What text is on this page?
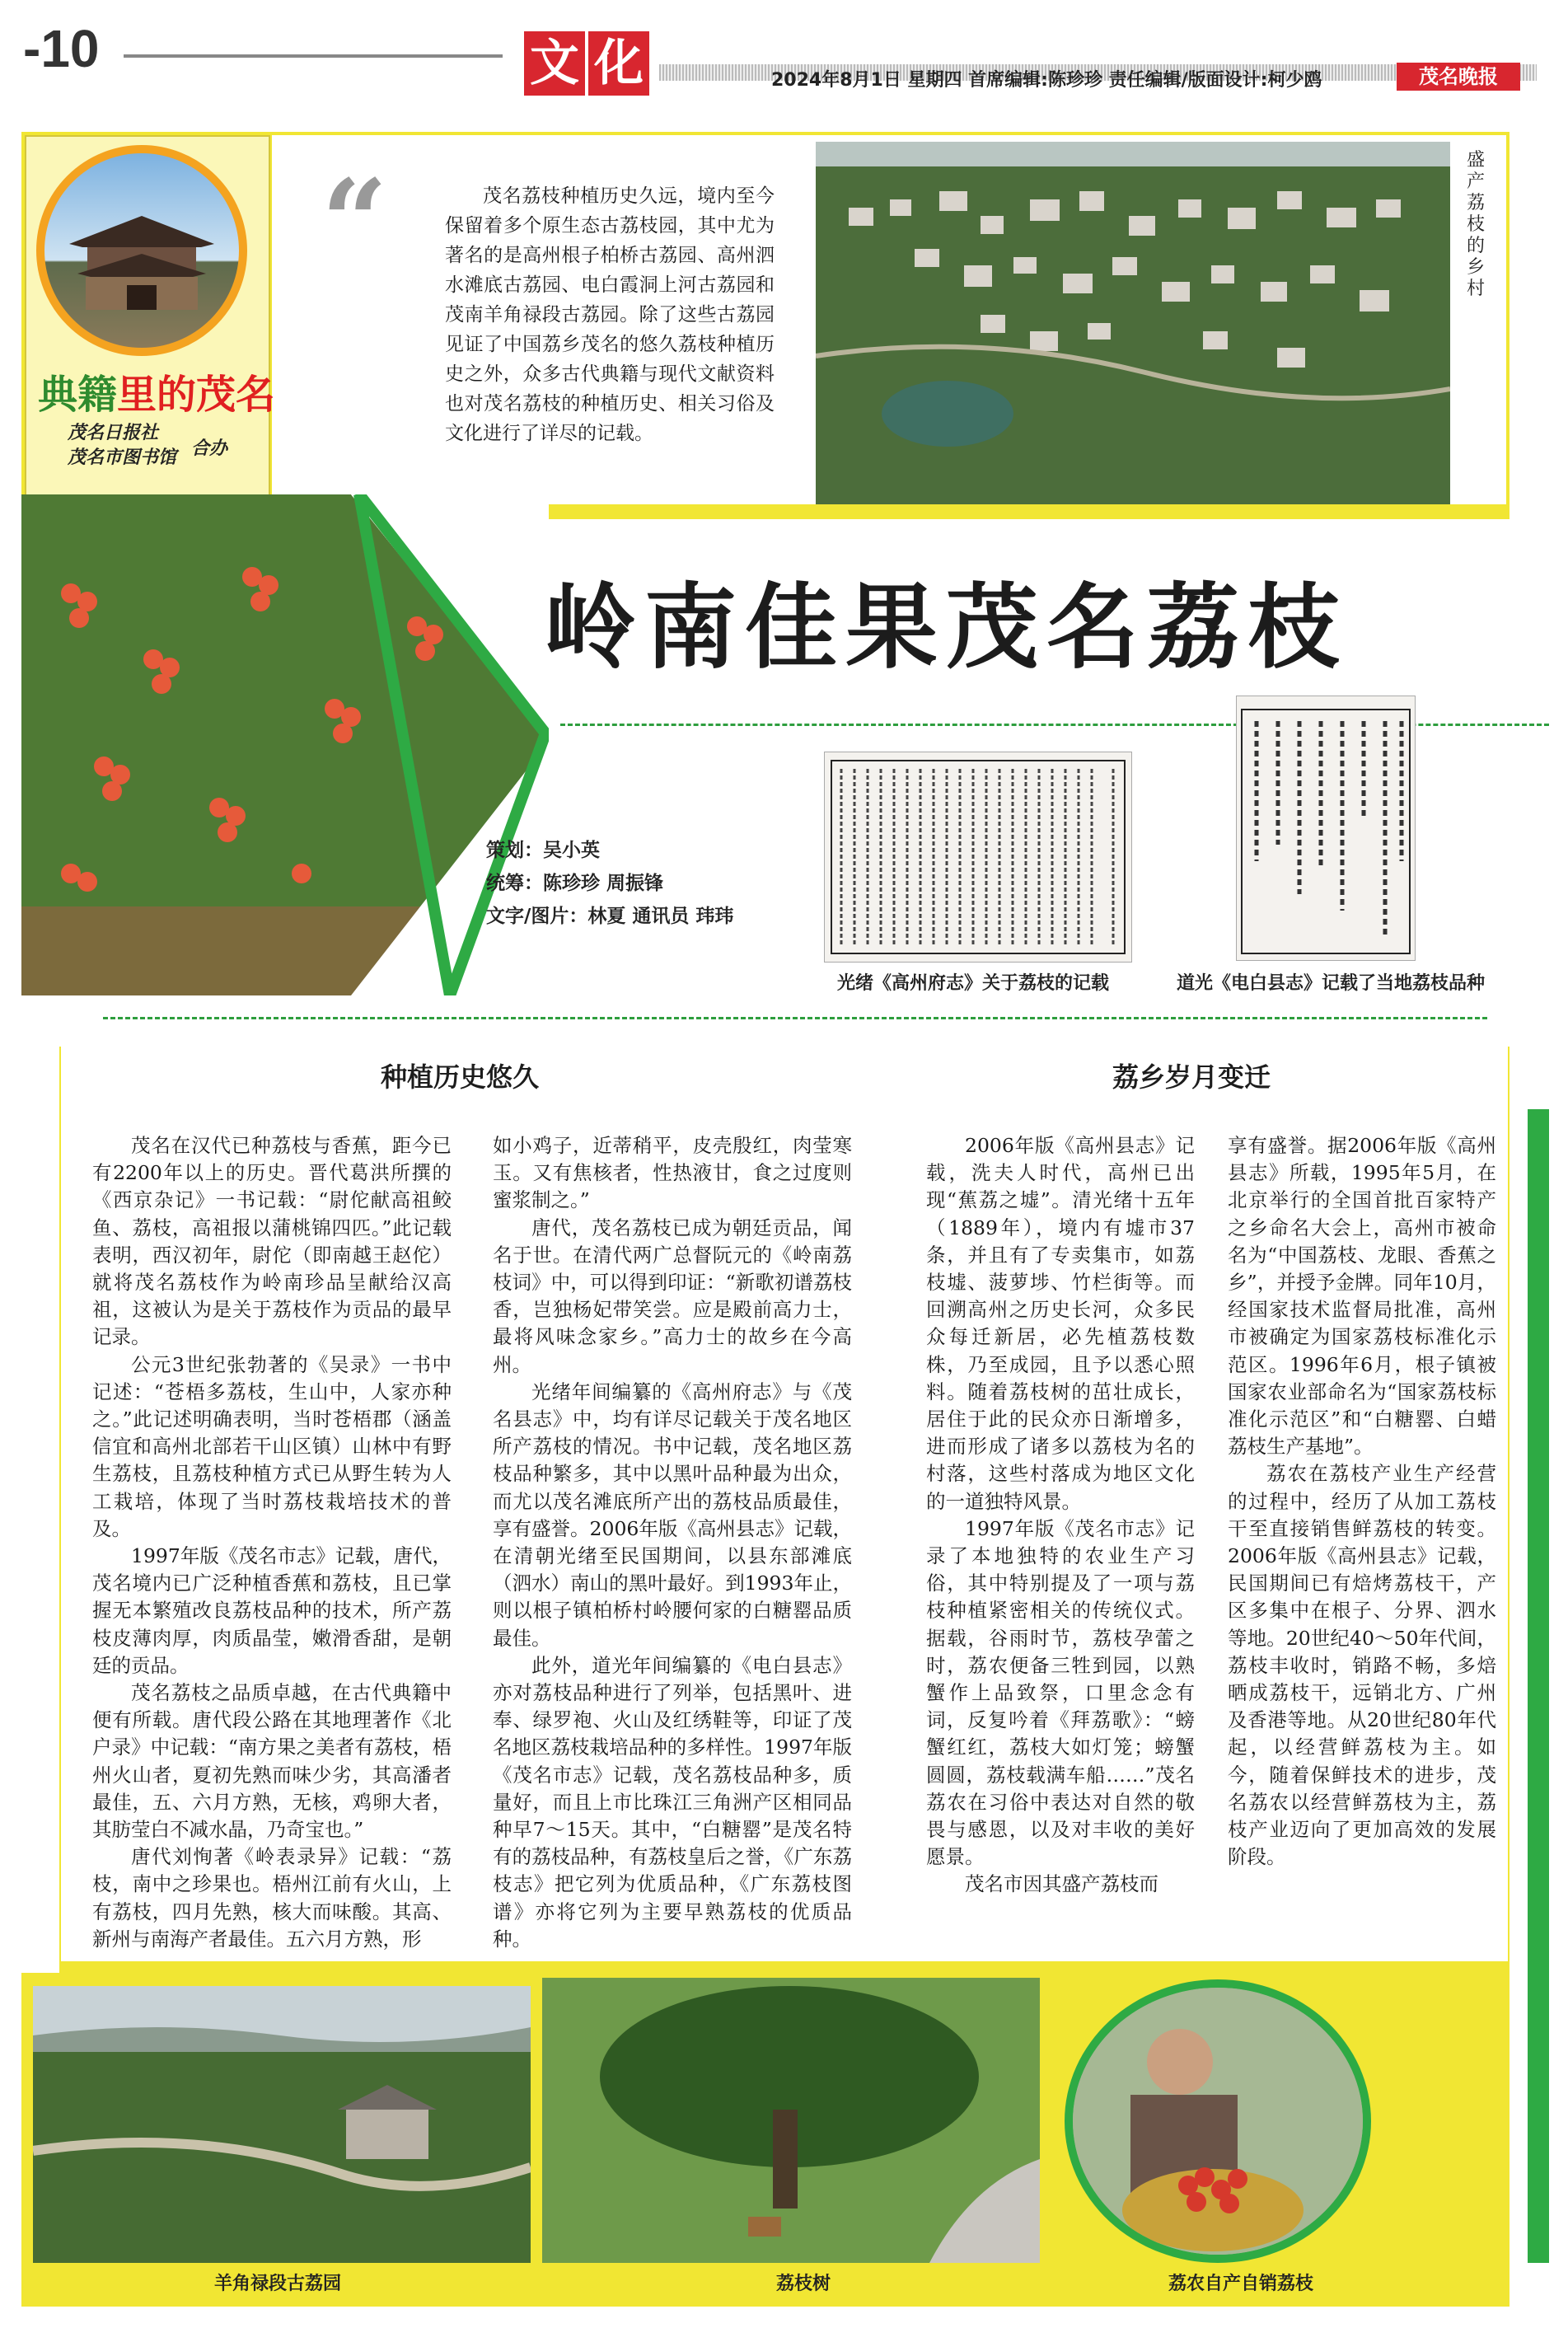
-10	文 化	2024年8月1日 星期四 首席编辑:陈珍珍 责任编辑/版面设计:柯少鸥	茂名晚报
典籍里的茂名
茂名日报社
茂名市图书馆 合办
“	茂名荔枝种植历史久远，境内至今保留着多个原生态古荔枝园，其中尤为著名的是高州根子柏桥古荔园、高州泗水滩底古荔园、电白霞洞上河古荔园和茂南羊角禄段古荔园。除了这些古荔园见证了中国荔乡茂名的悠久荔枝种植历史之外，众多古代典籍与现代文献资料也对茂名荔枝的种植历史、相关习俗及文化进行了详尽的记载。
盛产荔枝的乡村
岭南佳果茂名荔枝
策划：吴小英
统筹：陈珍珍 周振锋
文字/图片：林夏 通讯员 玮玮
光绪《高州府志》关于荔枝的记载	道光《电白县志》记载了当地荔枝品种
种植历史悠久	荔乡岁月变迁

茂名在汉代已种荔枝与香蕉，距今已有2200年以上的历史。晋代葛洪所撰的《西京杂记》一书记载：“尉佗献高祖鲛鱼、荔枝，高祖报以蒲桃锦四匹。”此记载表明，西汉初年，尉佗（即南越王赵佗）就将茂名荔枝作为岭南珍品呈献给汉高祖，这被认为是关于荔枝作为贡品的最早记录。

公元3世纪张勃著的《吴录》一书中记述：“苍梧多荔枝，生山中，人家亦种之。”此记述明确表明，当时苍梧郡（涵盖信宜和高州北部若干山区镇）山林中有野生荔枝，且荔枝种植方式已从野生转为人工栽培，体现了当时荔枝栽培技术的普及。

1997年版《茂名市志》记载，唐代，茂名境内已广泛种植香蕉和荔枝，且已掌握无本繁殖改良荔枝品种的技术，所产荔枝皮薄肉厚，肉质晶莹，嫩滑香甜，是朝廷的贡品。

茂名荔枝之品质卓越，在古代典籍中便有所载。唐代段公路在其地理著作《北户录》中记载：“南方果之美者有荔枝，梧州火山者，夏初先熟而味少劣，其高潘者最佳，五、六月方熟，无核，鸡卵大者，其肪莹白不减水晶，乃奇宝也。”

唐代刘恂著《岭表录异》记载：“荔枝，南中之珍果也。梧州江前有火山，上有荔枝，四月先熟，核大而味酸。其高、新州与南海产者最佳。五六月方熟，形

如小鸡子，近蒂稍平，皮壳殷红，肉莹寒玉。又有焦核者，性热液甘，食之过度则蜜浆制之。”

唐代，茂名荔枝已成为朝廷贡品，闻名于世。在清代两广总督阮元的《岭南荔枝词》中，可以得到印证：“新歌初谱荔枝香，岂独杨妃带笑尝。应是殿前高力士，最将风味念家乡。”高力士的故乡在今高州。

光绪年间编纂的《高州府志》与《茂名县志》中，均有详尽记载关于茂名地区所产荔枝的情况。书中记载，茂名地区荔枝品种繁多，其中以黑叶品种最为出众，而尤以茂名滩底所产出的荔枝品质最佳，享有盛誉。2006年版《高州县志》记载，在清朝光绪至民国期间，以县东部滩底（泗水）南山的黑叶最好。到1993年止，则以根子镇柏桥村岭腰何家的白糖罂品质最佳。

此外，道光年间编纂的《电白县志》亦对荔枝品种进行了列举，包括黑叶、进奉、绿罗袍、火山及红绣鞋等，印证了茂名地区荔枝栽培品种的多样性。1997年版《茂名市志》记载，茂名荔枝品种多，质量好，而且上市比珠江三角洲产区相同品种早7～15天。其中，“白糖罂”是茂名特有的荔枝品种，有荔枝皇后之誉，《广东荔枝志》把它列为优质品种，《广东荔枝图谱》亦将它列为主要早熟荔枝的优质品种。

2006年版《高州县志》记载，洗夫人时代，高州已出现“蕉荔之墟”。清光绪十五年（1889年），境内有墟市37条，并且有了专卖集市，如荔枝墟、菠萝埗、竹栏街等。而回溯高州之历史长河，众多民众每迁新居，必先植荔枝数株，乃至成园，且予以悉心照料。随着荔枝树的茁壮成长，居住于此的民众亦日渐增多，进而形成了诸多以荔枝为名的村落，这些村落成为地区文化的一道独特风景。

1997年版《茂名市志》记录了本地独特的农业生产习俗，其中特别提及了一项与荔枝种植紧密相关的传统仪式。据载，谷雨时节，荔枝孕蕾之时，荔农便备三牲到园，以熟蟹作上品致祭，口里念念有词，反复吟着《拜荔歌》：“螃蟹红红，荔枝大如灯笼；螃蟹圆圆，荔枝载满车船……”茂名荔农在习俗中表达对自然的敬畏与感恩，以及对丰收的美好愿景。

茂名市因其盛产荔枝而

享有盛誉。据2006年版《高州县志》所载，1995年5月，在北京举行的全国首批百家特产之乡命名大会上，高州市被命名为“中国荔枝、龙眼、香蕉之乡”，并授予金牌。同年10月，经国家技术监督局批准，高州市被确定为国家荔枝标准化示范区。1996年6月，根子镇被国家农业部命名为“国家荔枝标准化示范区”和“白糖罂、白蜡荔枝生产基地”。

荔农在荔枝产业生产经营的过程中，经历了从加工荔枝干至直接销售鲜荔枝的转变。2006年版《高州县志》记载，民国期间已有焙烤荔枝干，产区多集中在根子、分界、泗水等地。20世纪40～50年代间，荔枝丰收时，销路不畅，多焙晒成荔枝干，远销北方、广州及香港等地。从20世纪80年代起，以经营鲜荔枝为主。如今，随着保鲜技术的进步，茂名荔农以经营鲜荔枝为主，荔枝产业迈向了更加高效的发展阶段。

羊角禄段古荔园	荔枝树	荔农自产自销荔枝
